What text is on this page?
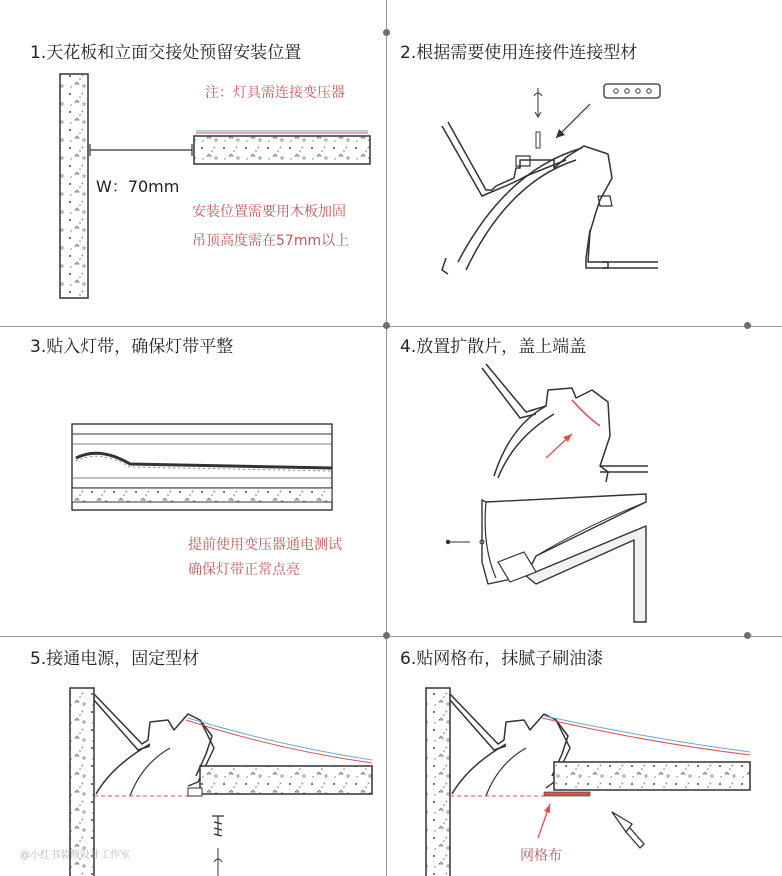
1.天花板和立面交接处预留安装位置
注：灯具需连接变压器
W：70mm
安装位置需要用木板加固
吊顶高度需在57mm以上
2.根据需要使用连接件连接型材
3.贴入灯带，确保灯带平整
提前使用变压器通电测试
确保灯带正常点亮
4.放置扩散片，盖上端盖
5.接通电源，固定型材
@小红书装修设计工作室
6.贴网格布，抹腻子刷油漆
网格布
